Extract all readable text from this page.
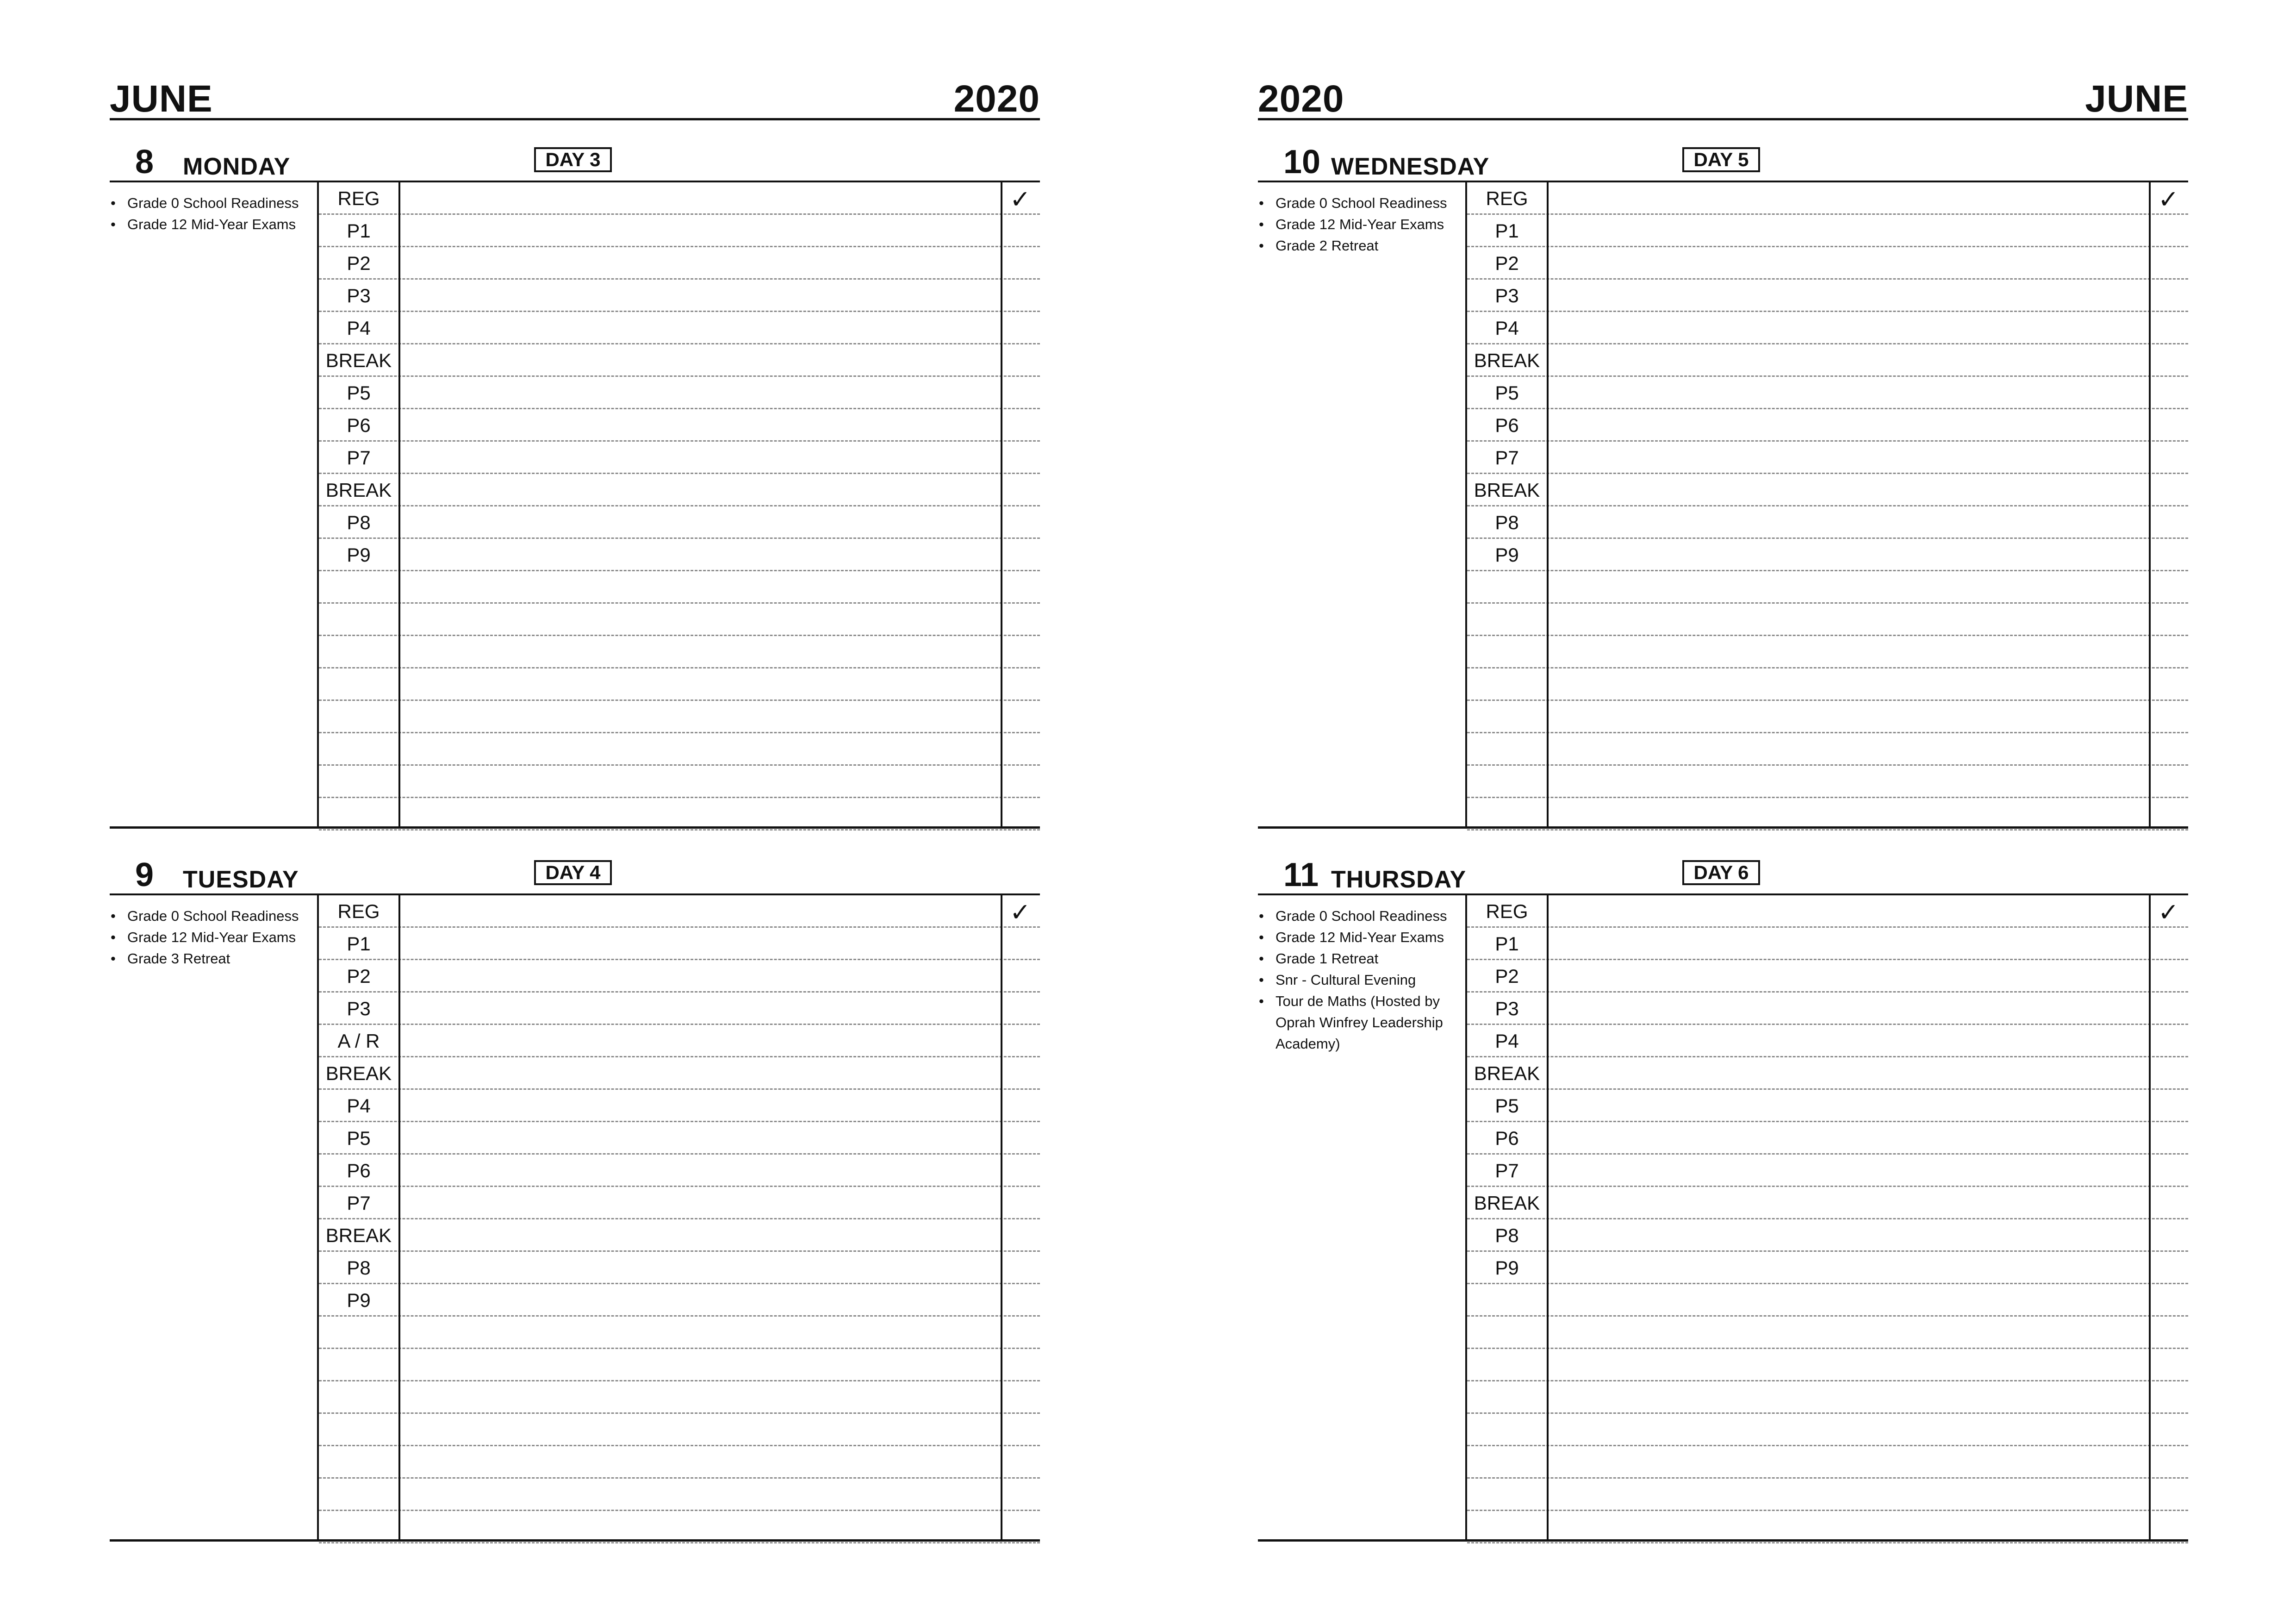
JUNE	2020
8 MONDAY	DAY 3
• Grade 0 School Readiness
• Grade 12 Mid-Year Exams
REG
P1
P2
P3
P4
BREAK
P5
P6
P7
BREAK
P8
P9
✓
9 TUESDAY	DAY 4
• Grade 0 School Readiness
• Grade 12 Mid-Year Exams
• Grade 3 Retreat
REG
P1
P2
P3
A / R
BREAK
P4
P5
P6
P7
BREAK
P8
P9
✓
2020	JUNE
10 WEDNESDAY	DAY 5
• Grade 0 School Readiness
• Grade 12 Mid-Year Exams
• Grade 2 Retreat
REG
P1
P2
P3
P4
BREAK
P5
P6
P7
BREAK
P8
P9
✓
11 THURSDAY	DAY 6
• Grade 0 School Readiness
• Grade 12 Mid-Year Exams
• Grade 1 Retreat
• Snr - Cultural Evening
• Tour de Maths (Hosted by Oprah Winfrey Leadership Academy)
REG
P1
P2
P3
P4
BREAK
P5
P6
P7
BREAK
P8
P9
✓
